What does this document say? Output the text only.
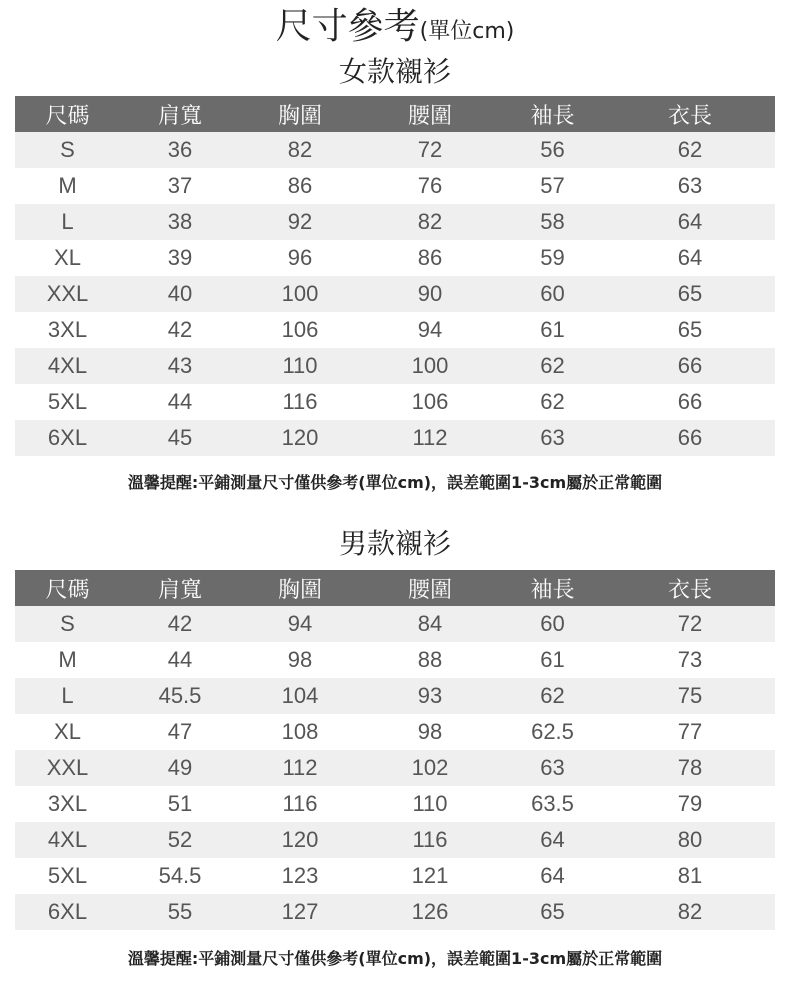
尺寸參考(單位cm)
女款襯衫
尺碼	肩寬	胸圍	腰圍	袖長	衣長
S	36	82	72	56	62
M	37	86	76	57	63
L	38	92	82	58	64
XL	39	96	86	59	64
XXL	40	100	90	60	65
3XL	42	106	94	61	65
4XL	43	110	100	62	66
5XL	44	116	106	62	66
6XL	45	120	112	63	66
溫馨提醒:平鋪測量尺寸僅供參考(單位cm)，誤差範圍1-3cm屬於正常範圍
男款襯衫
尺碼	肩寬	胸圍	腰圍	袖長	衣長
S	42	94	84	60	72
M	44	98	88	61	73
L	45.5	104	93	62	75
XL	47	108	98	62.5	77
XXL	49	112	102	63	78
3XL	51	116	110	63.5	79
4XL	52	120	116	64	80
5XL	54.5	123	121	64	81
6XL	55	127	126	65	82
溫馨提醒:平鋪測量尺寸僅供參考(單位cm)，誤差範圍1-3cm屬於正常範圍
